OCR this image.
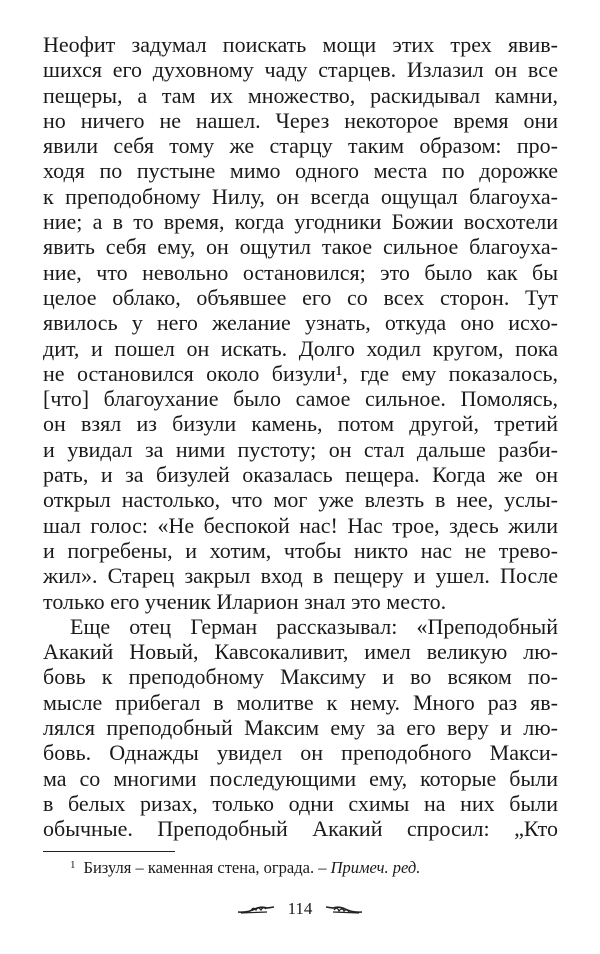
Неофит задумал поискать мощи этих трех явив-
шихся его духовному чаду старцев. Излазил он все
пещеры, а там их множество, раскидывал камни,
но ничего не нашел. Через некоторое время они
явили себя тому же старцу таким образом: про-
ходя по пустыне мимо одного места по дорожке
к преподобному Нилу, он всегда ощущал благоуха-
ние; а в то время, когда угодники Божии восхотели
явить себя ему, он ощутил такое сильное благоуха-
ние, что невольно остановился; это было как бы
целое облако, объявшее его со всех сторон. Тут
явилось у него желание узнать, откуда оно исхо-
дит, и пошел он искать. Долго ходил кругом, пока
не остановился около бизули¹, где ему показалось,
[что] благоухание было самое сильное. Помолясь,
он взял из бизули камень, потом другой, третий
и увидал за ними пустоту; он стал дальше разби-
рать, и за бизулей оказалась пещера. Когда же он
открыл настолько, что мог уже влезть в нее, услы-
шал голос: «Не беспокой нас! Нас трое, здесь жили
и погребены, и хотим, чтобы никто нас не трево-
жил». Старец закрыл вход в пещеру и ушел. После
только его ученик Иларион знал это место.
Еще отец Герман рассказывал: «Преподобный
Акакий Новый, Кавсокаливит, имел великую лю-
бовь к преподобному Максиму и во всяком по-
мысле прибегал в молитве к нему. Много раз яв-
лялся преподобный Максим ему за его веру и лю-
бовь. Однажды увидел он преподобного Макси-
ма со многими последующими ему, которые были
в белых ризах, только одни схимы на них были
обычные. Преподобный Акакий спросил: „Кто
$^1$ Бизуля – каменная стена, ограда. – Примеч. ред.
114
